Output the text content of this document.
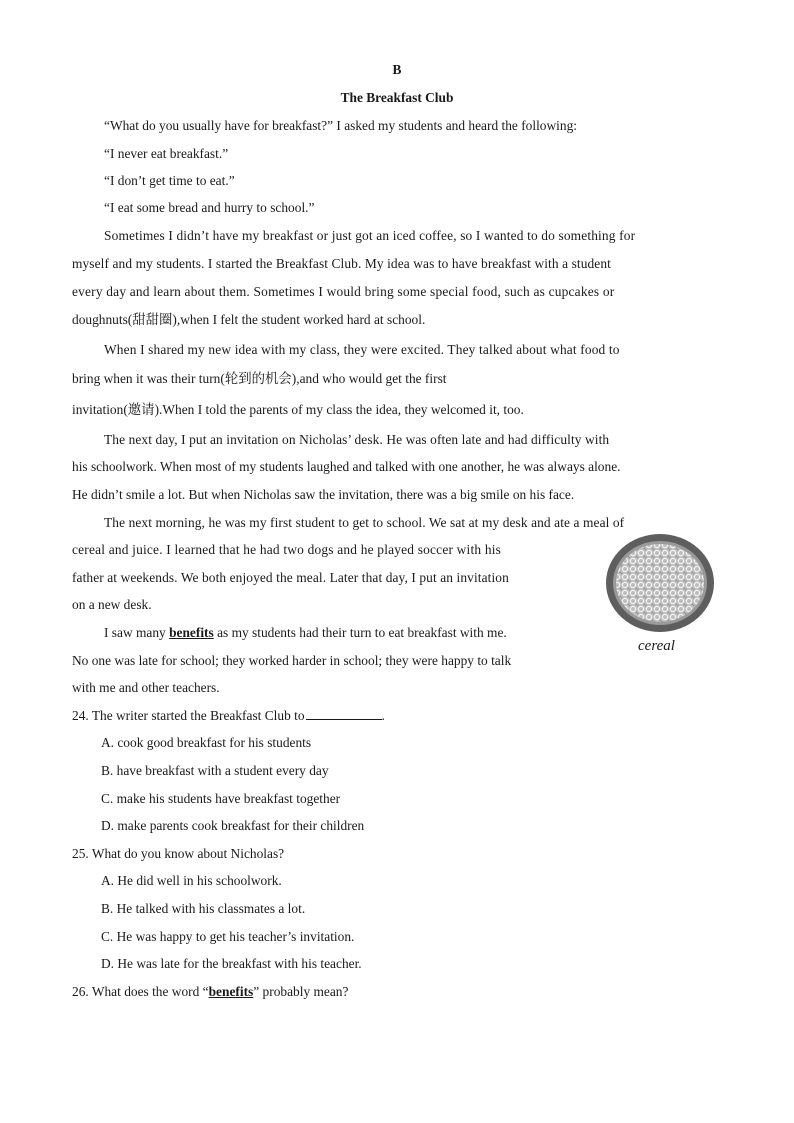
B
The Breakfast Club
“What do you usually have for breakfast?” I asked my students and heard the following:
“I never eat breakfast.”
“I don’t get time to eat.”
“I eat some bread and hurry to school.”
Sometimes I didn’t have my breakfast or just got an iced coffee, so I wanted to do something for
myself and my students. I started the Breakfast Club. My idea was to have breakfast with a student
every day and learn about them. Sometimes I would bring some special food, such as cupcakes or
doughnuts(甜甜圈),when I felt the student worked hard at school.
When I shared my new idea with my class, they were excited. They talked about what food to
bring when it was their turn(轮到的机会),and who would get the first
invitation(邀请).When I told the parents of my class the idea, they welcomed it, too.
The next day, I put an invitation on Nicholas’ desk. He was often late and had difficulty with
his schoolwork. When most of my students laughed and talked with one another, he was always alone.
He didn’t smile a lot. But when Nicholas saw the invitation, there was a big smile on his face.
The next morning, he was my first student to get to school. We sat at my desk and ate a meal of
cereal and juice. I learned that he had two dogs and he played soccer with his
father at weekends. We both enjoyed the meal. Later that day, I put an invitation
on a new desk.
I saw many benefits as my students had their turn to eat breakfast with me.
No one was late for school; they worked harder in school; they were happy to talk
with me and other teachers.
cereal
24. The writer started the Breakfast Club to	.
A. cook good breakfast for his students
B. have breakfast with a student every day
C. make his students have breakfast together
D. make parents cook breakfast for their children
25. What do you know about Nicholas?
A. He did well in his schoolwork.
B. He talked with his classmates a lot.
C. He was happy to get his teacher’s invitation.
D. He was late for the breakfast with his teacher.
26. What does the word “benefits” probably mean?
